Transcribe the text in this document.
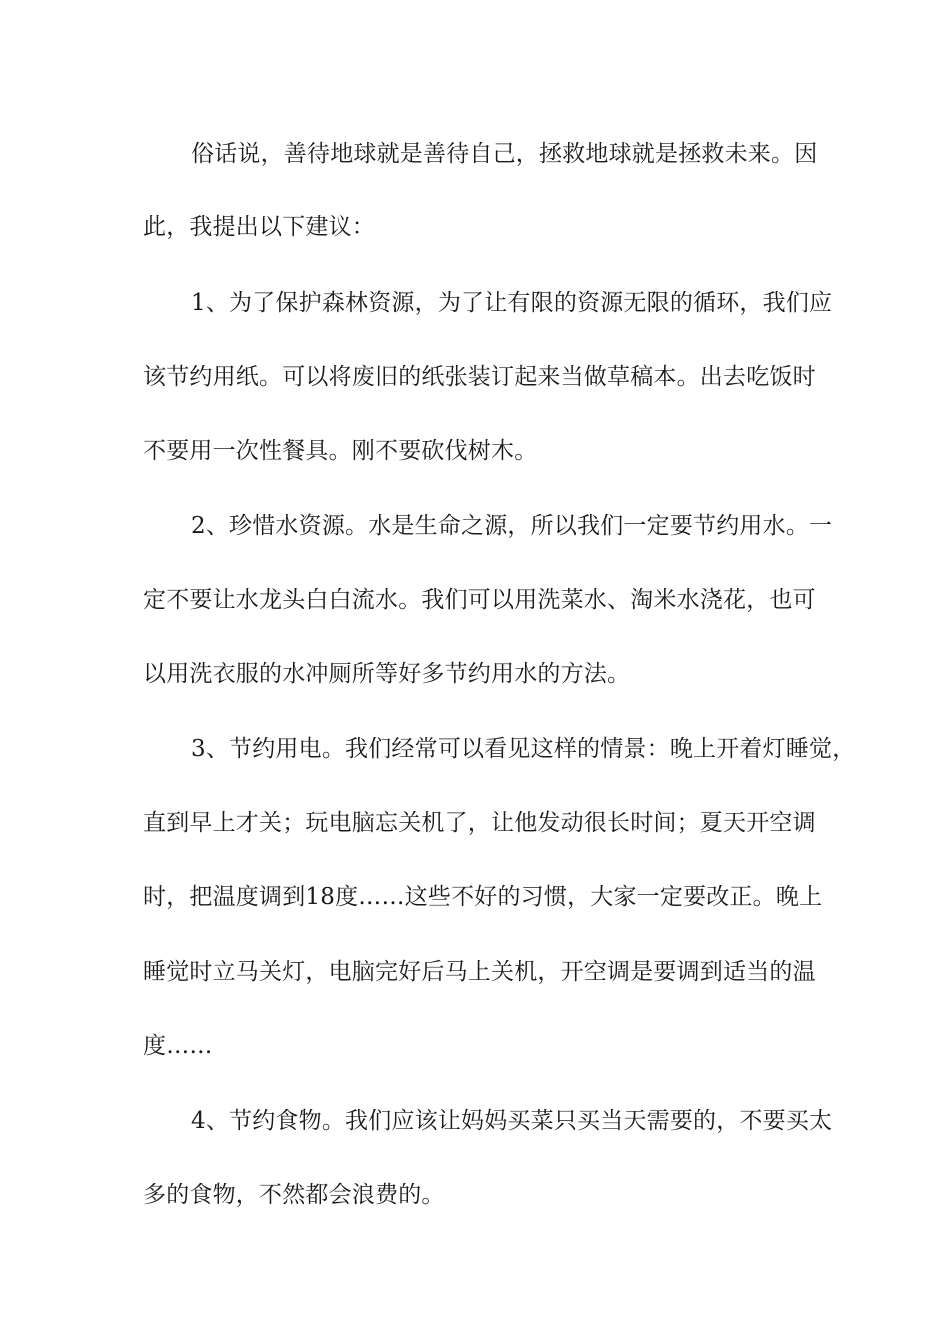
俗话说，善待地球就是善待自己，拯救地球就是拯救未来。因
此，我提出以下建议：
1、为了保护森林资源，为了让有限的资源无限的循环，我们应
该节约用纸。可以将废旧的纸张装订起来当做草稿本。出去吃饭时
不要用一次性餐具。刚不要砍伐树木。
2、珍惜水资源。水是生命之源，所以我们一定要节约用水。一
定不要让水龙头白白流水。我们可以用洗菜水、淘米水浇花，也可
以用洗衣服的水冲厕所等好多节约用水的方法。
3、节约用电。我们经常可以看见这样的情景：晚上开着灯睡觉，
直到早上才关；玩电脑忘关机了，让他发动很长时间；夏天开空调
时，把温度调到18度……这些不好的习惯，大家一定要改正。晚上
睡觉时立马关灯，电脑完好后马上关机，开空调是要调到适当的温
度……
4、节约食物。我们应该让妈妈买菜只买当天需要的，不要买太
多的食物，不然都会浪费的。
